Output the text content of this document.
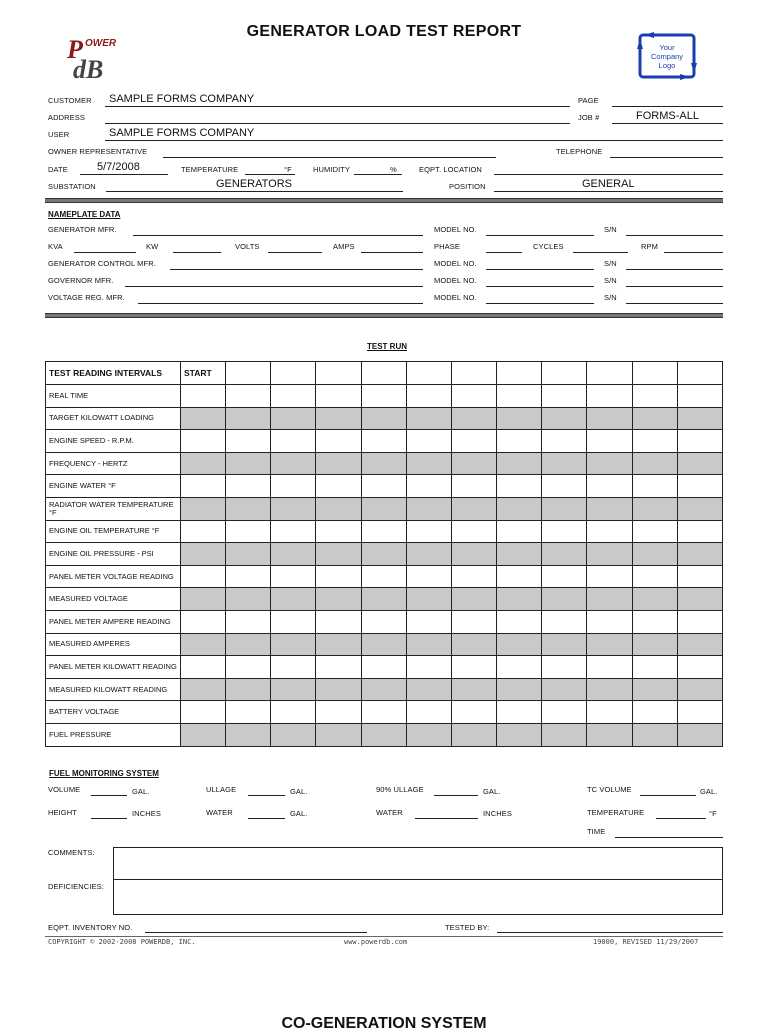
P OWER
dB
Your
Company
Logo
GENERATOR LOAD TEST REPORT
CUSTOMER SAMPLE FORMS COMPANY	PAGE
ADDRESS	JOB #	FORMS-ALL
USER	SAMPLE FORMS COMPANY
OWNER REPRESENTATIVE	TELEPHONE
DATE	5/7/2008	TEMPERATURE	°F	HUMIDITY	%	EQPT. LOCATION
SUBSTATION	GENERATORS	POSITION	GENERAL
NAMEPLATE DATA
GENERATOR MFR.	MODEL NO.	S/N
KVA	KW	VOLTS	AMPS	PHASE	CYCLES	RPM
GENERATOR CONTROL MFR.	MODEL NO.	S/N
GOVERNOR MFR.	MODEL NO.	S/N
VOLTAGE REG. MFR.	MODEL NO.	S/N
TEST RUN
TEST READING INTERVALS	START											
REAL TIME												
TARGET KILOWATT LOADING												
ENGINE SPEED - R.P.M.												
FREQUENCY - HERTZ												
ENGINE WATER °F												
RADIATOR WATER TEMPERATURE °F												
ENGINE OIL TEMPERATURE °F												
ENGINE OIL PRESSURE - PSI												
PANEL METER VOLTAGE READING												
MEASURED VOLTAGE												
PANEL METER AMPERE READING												
MEASURED AMPERES												
PANEL METER KILOWATT READING												
MEASURED KILOWATT READING												
BATTERY VOLTAGE												
FUEL PRESSURE												
FUEL MONITORING SYSTEM
VOLUME	GAL.	ULLAGE	GAL.	90% ULLAGE	GAL.	TC VOLUME	GAL.
HEIGHT	INCHES	WATER	GAL.	WATER	INCHES	TEMPERATURE	°F
TIME
COMMENTS:
DEFICIENCIES:
EQPT. INVENTORY NO.	TESTED BY:
COPYRIGHT © 2002-2008 POWERDB, INC.	www.powerdb.com	19000, REVISED 11/29/2007
CO-GENERATION SYSTEM
